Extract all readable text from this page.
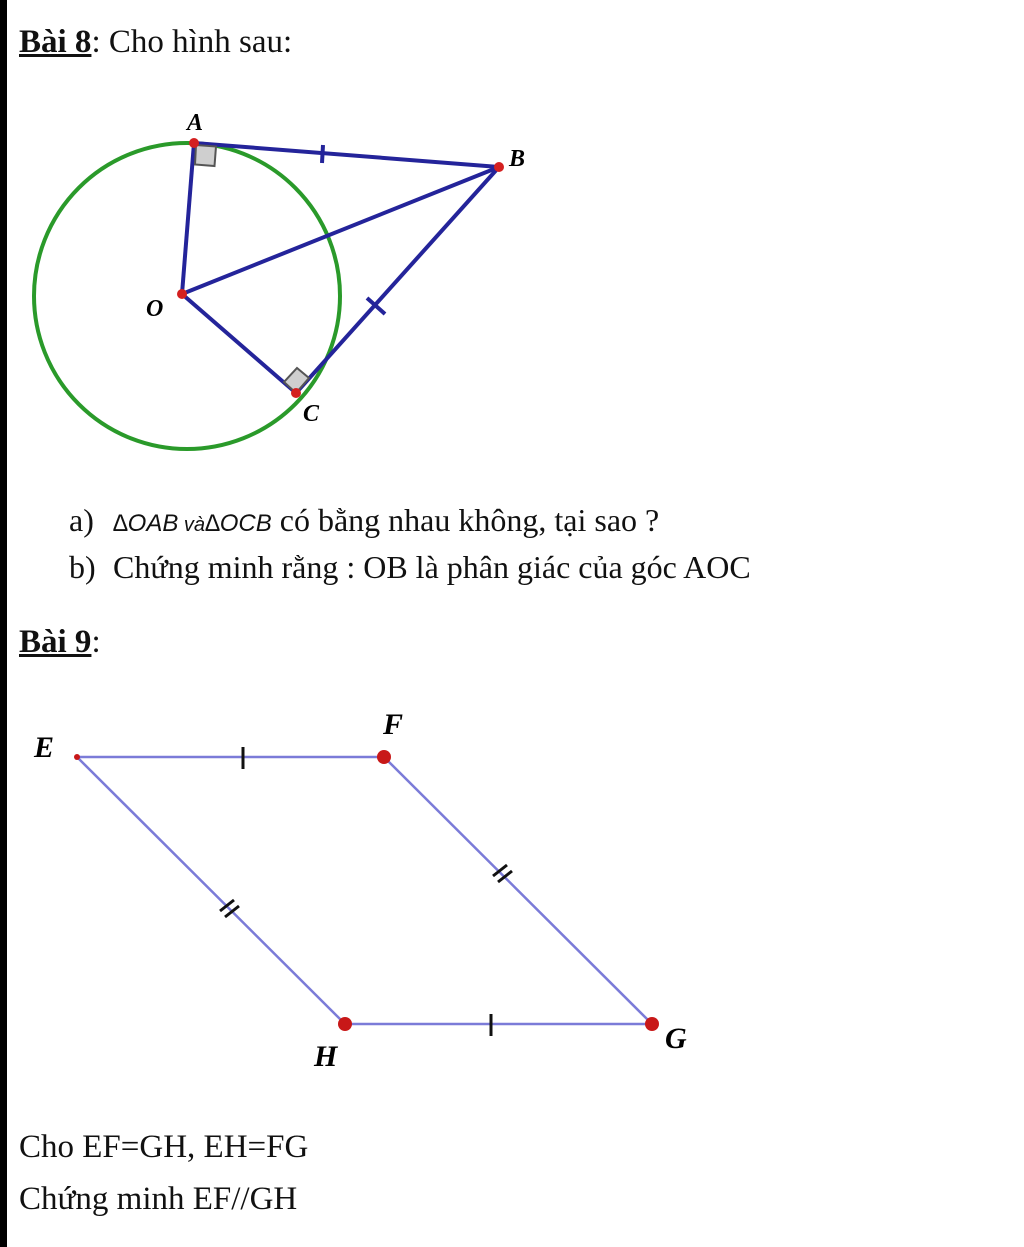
Bài 8: Cho hình sau:
A
B
O
C
a) ∆OAB và∆OCB có bằng nhau không, tại sao ?
b) Chứng minh rằng : OB là phân giác của góc AOC
Bài 9:
E
F
G
H
Cho EF=GH, EH=FG
Chứng minh EF//GH
